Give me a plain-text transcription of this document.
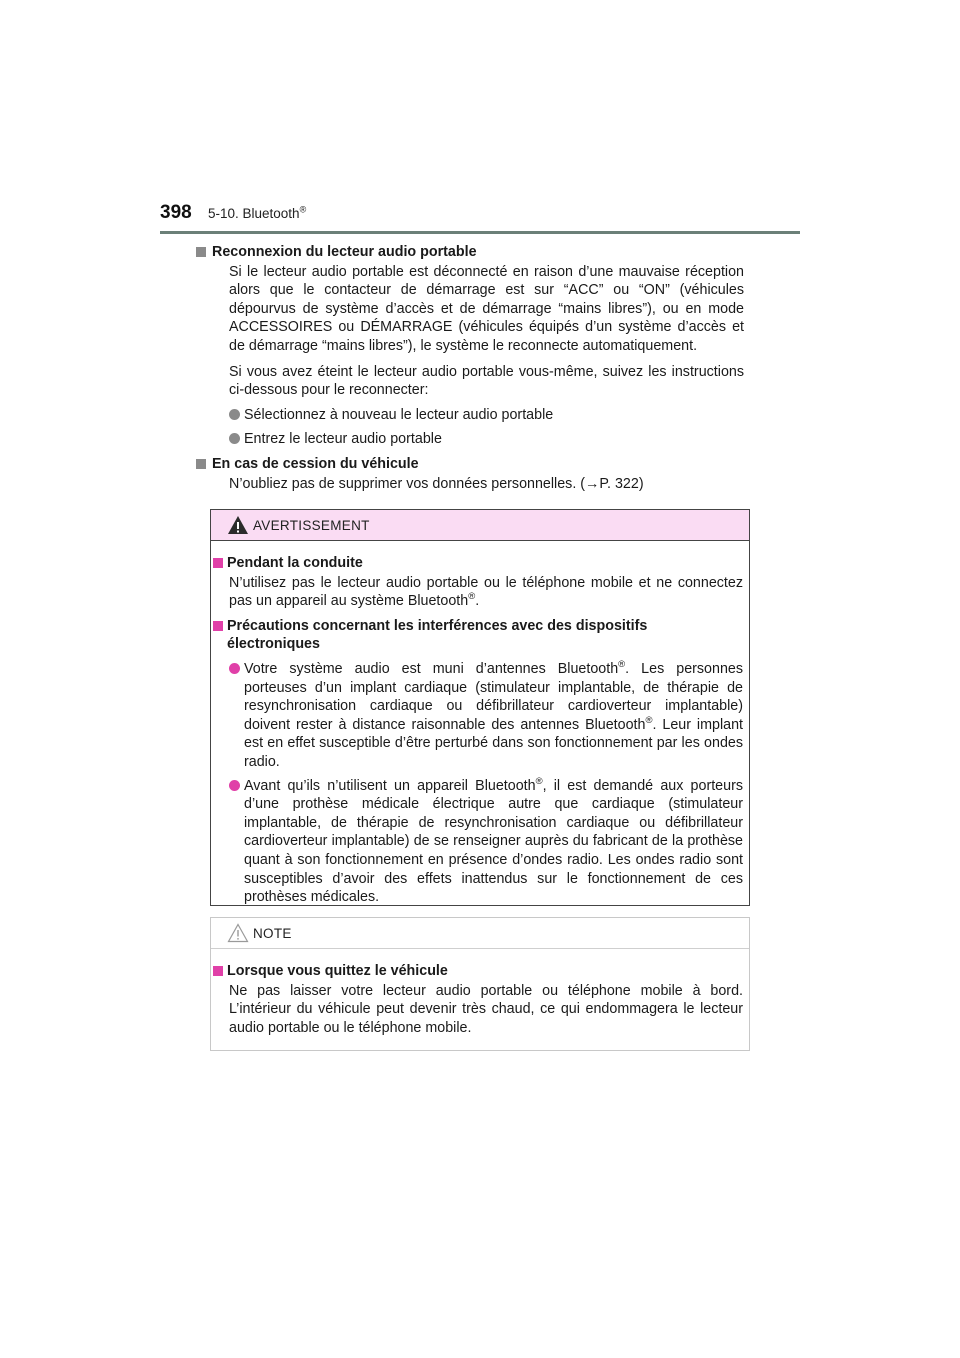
398 5-10. Bluetooth®
Reconnexion du lecteur audio portable
Si le lecteur audio portable est déconnecté en raison d’une mauvaise réception alors que le contacteur de démarrage est sur “ACC” ou “ON” (véhicules dépourvus de système d’accès et de démarrage “mains libres”), ou en mode ACCESSOIRES ou DÉMARRAGE (véhicules équipés d’un système d’accès et de démarrage “mains libres”), le système le reconnecte automatiquement.
Si vous avez éteint le lecteur audio portable vous-même, suivez les instructions ci-dessous pour le reconnecter:
Sélectionnez à nouveau le lecteur audio portable
Entrez le lecteur audio portable
En cas de cession du véhicule
N’oubliez pas de supprimer vos données personnelles. (→P. 322)
AVERTISSEMENT
Pendant la conduite
N’utilisez pas le lecteur audio portable ou le téléphone mobile et ne connectez pas un appareil au système Bluetooth®.
Précautions concernant les interférences avec des dispositifs électroniques
Votre système audio est muni d’antennes Bluetooth®. Les personnes porteuses d’un implant cardiaque (stimulateur implantable, de thérapie de resynchronisation cardiaque ou défibrillateur cardioverteur implantable) doivent rester à distance raisonnable des antennes Bluetooth®. Leur implant est en effet susceptible d’être perturbé dans son fonctionnement par les ondes radio.
Avant qu’ils n’utilisent un appareil Bluetooth®, il est demandé aux porteurs d’une prothèse médicale électrique autre que cardiaque (stimulateur implantable, de thérapie de resynchronisation cardiaque ou défibrillateur cardioverteur implantable) de se renseigner auprès du fabricant de la prothèse quant à son fonctionnement en présence d’ondes radio. Les ondes radio sont susceptibles d’avoir des effets inattendus sur le fonctionnement de ces prothèses médicales.
NOTE
Lorsque vous quittez le véhicule
Ne pas laisser votre lecteur audio portable ou téléphone mobile à bord. L’intérieur du véhicule peut devenir très chaud, ce qui endommagera le lecteur audio portable ou le téléphone mobile.
